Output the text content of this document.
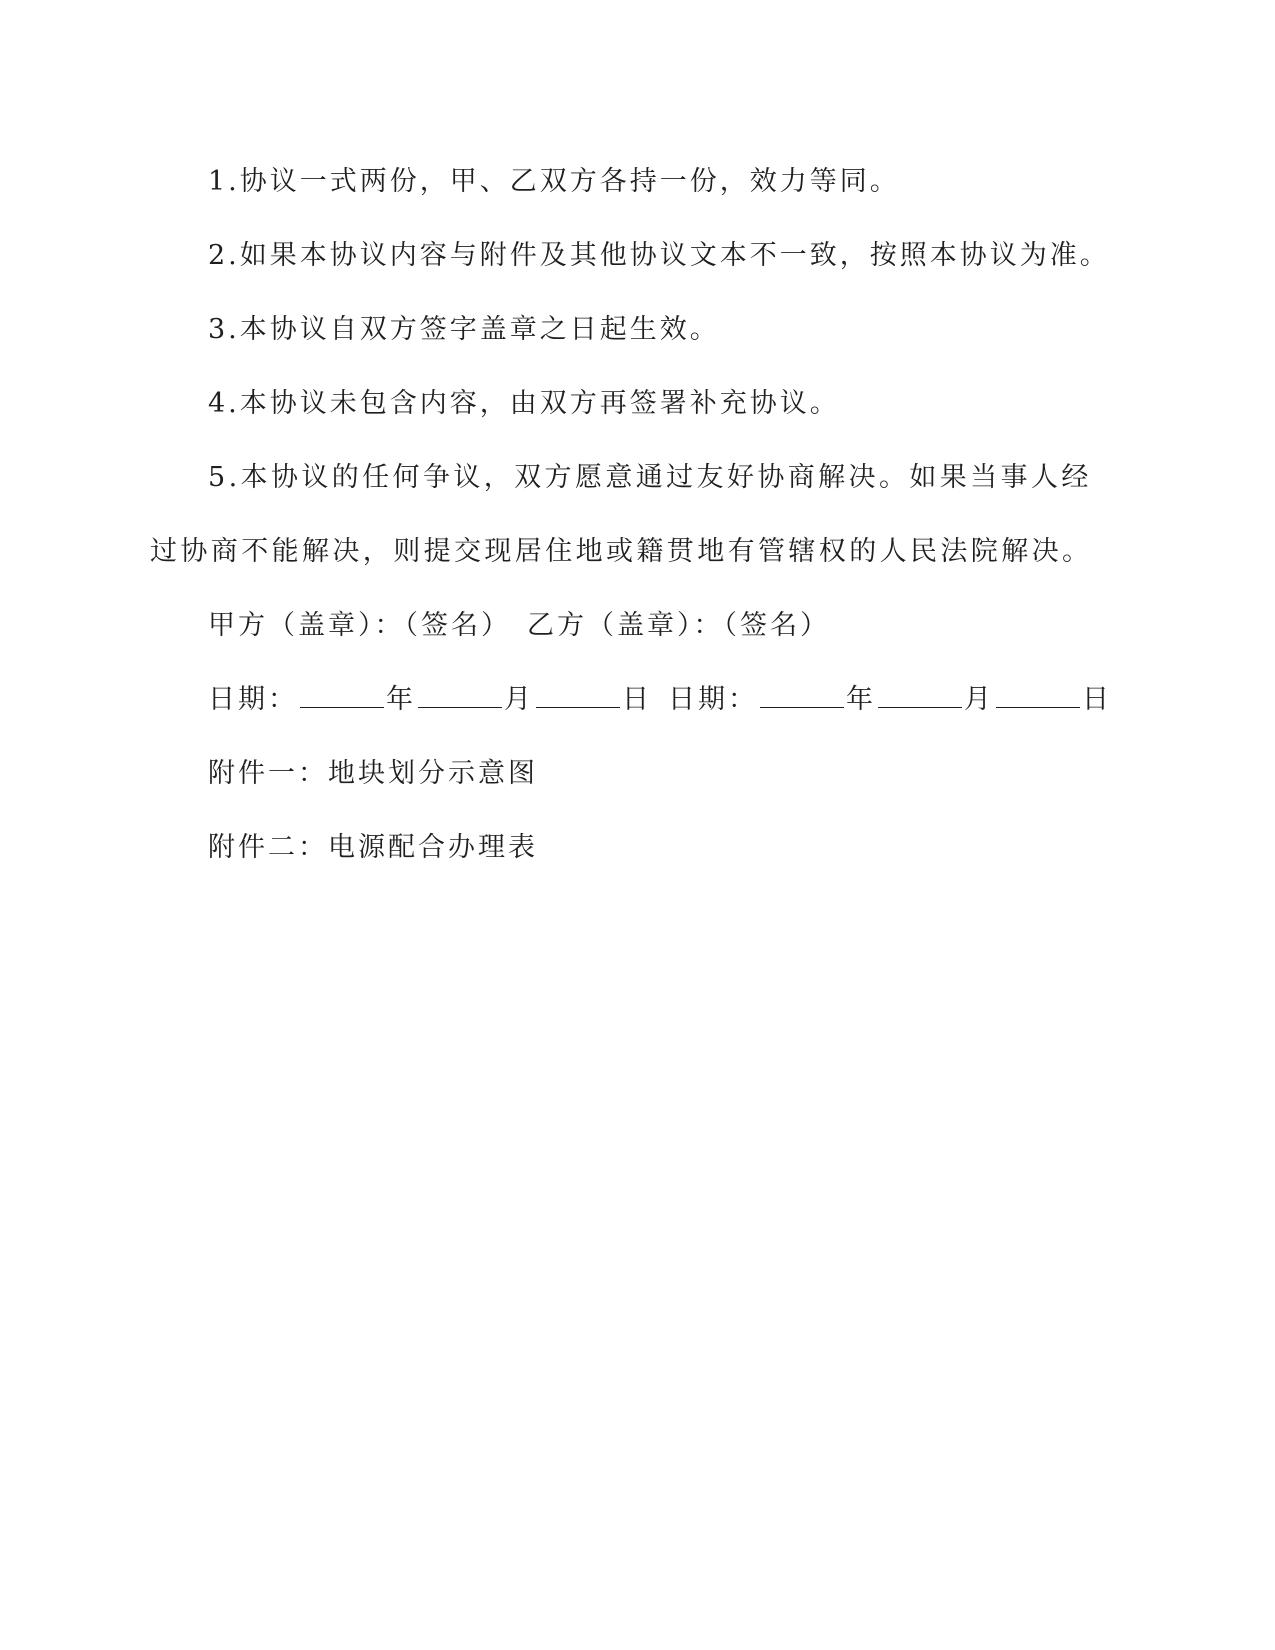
1.协议一式两份，甲、乙双方各持一份，效力等同。

2.如果本协议内容与附件及其他协议文本不一致，按照本协议为准。

3.本协议自双方签字盖章之日起生效。

4.本协议未包含内容，由双方再签署补充协议。

5.本协议的任何争议，双方愿意通过友好协商解决。如果当事人经过协商不能解决，则提交现居住地或籍贯地有管辖权的人民法院解决。

甲方（盖章）：（签名） 乙方（盖章）：（签名）

日期：	年	月	日 日期：	年	月	日

附件一：地块划分示意图

附件二：电源配合办理表
